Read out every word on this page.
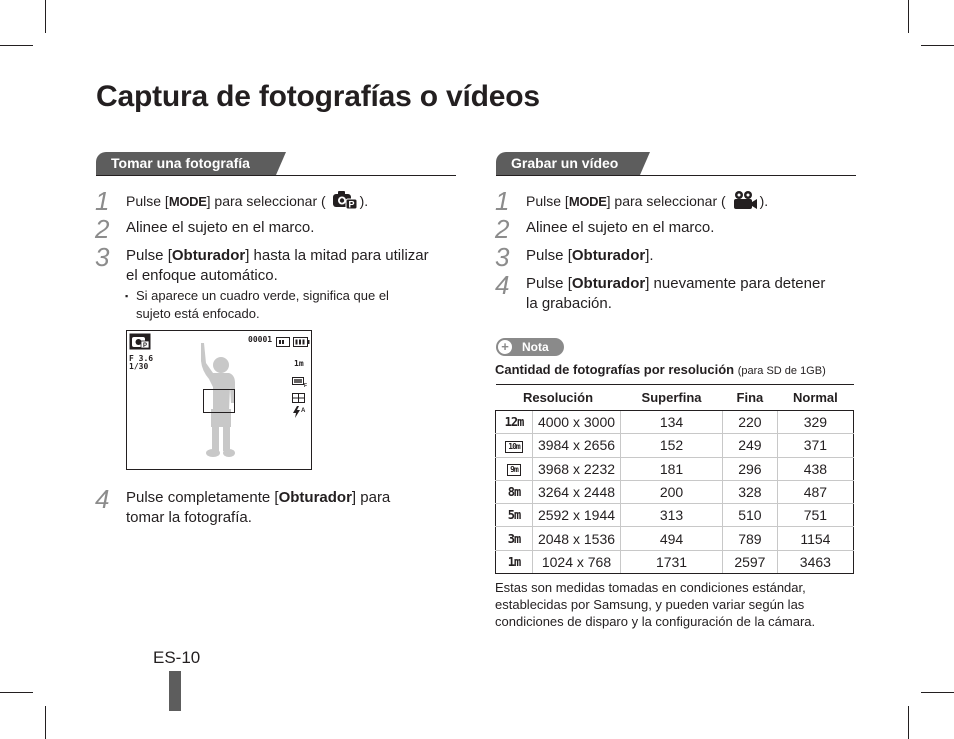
Captura de fotografías o vídeos
Tomar una fotografía
1 Pulse [MODE] para seleccionar ( P ).
2 Alinee el sujeto en el marco.
3 Pulse [Obturador] hasta la mitad para utilizar
el enfoque automático.
▪ Si aparece un cuadro verde, significa que el
sujeto está enfocado.
P
00001
F 3.6
1/30	1m
F
A
4 Pulse completamente [Obturador] para
tomar la fotografía.
Grabar un vídeo
1 Pulse [MODE] para seleccionar ( ).
2 Alinee el sujeto en el marco.
3 Pulse [Obturador].
4 Pulse [Obturador] nuevamente para detener
la grabación.
+ Nota
Cantidad de fotografías por resolución (para SD de 1GB)
Resolución		Superfina	Fina	Normal
12m	4000 x 3000	134	220	329
10m	3984 x 2656	152	249	371
9m	3968 x 2232	181	296	438
8m	3264 x 2448	200	328	487
5m	2592 x 1944	313	510	751
3m	2048 x 1536	494	789	1154
1m	1024 x 768	1731	2597	3463

Estas son medidas tomadas en condiciones estándar, establecidas por Samsung, y pueden variar según las condiciones de disparo y la configuración de la cámara.

ES-10
